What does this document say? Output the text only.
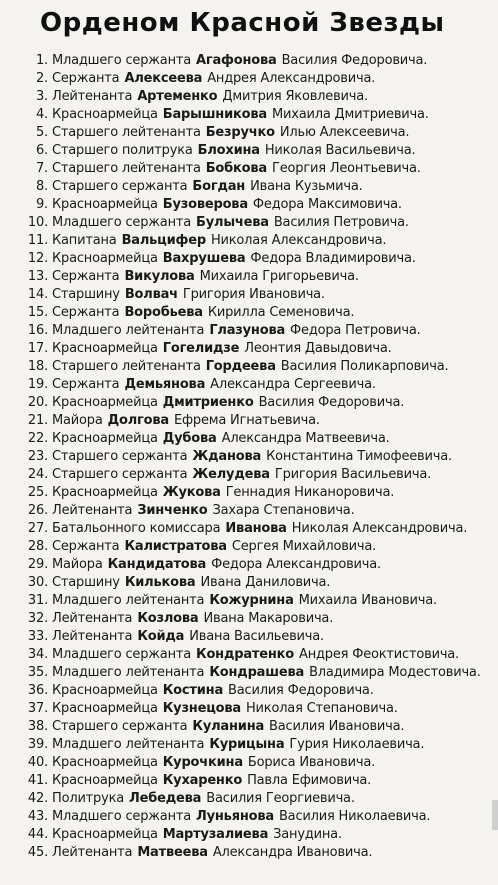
Орденом Красной Звезды
1. Младшего сержанта Агафонова Василия Федоровича.
2. Сержанта Алексеева Андрея Александровича.
3. Лейтенанта Артеменко Дмитрия Яковлевича.
4. Красноармейца Барышникова Михаила Дмитриевича.
5. Старшего лейтенанта Безручко Илью Алексеевича.
6. Старшего политрука Блохина Николая Васильевича.
7. Старшего лейтенанта Бобкова Георгия Леонтьевича.
8. Старшего сержанта Богдан Ивана Кузьмича.
9. Красноармейца Бузоверова Федора Максимовича.
10. Младшего сержанта Булычева Василия Петровича.
11. Капитана Вальцифер Николая Александровича.
12. Красноармейца Вахрушева Федора Владимировича.
13. Сержанта Викулова Михаила Григорьевича.
14. Старшину Волвач Григория Ивановича.
15. Сержанта Воробьева Кирилла Семеновича.
16. Младшего лейтенанта Глазунова Федора Петровича.
17. Красноармейца Гогелидзе Леонтия Давыдовича.
18. Старшего лейтенанта Гордеева Василия Поликарповича.
19. Сержанта Демьянова Александра Сергеевича.
20. Красноармейца Дмитриенко Василия Федоровича.
21. Майора Долгова Ефрема Игнатьевича.
22. Красноармейца Дубова Александра Матвеевича.
23. Старшего сержанта Жданова Константина Тимофеевича.
24. Старшего сержанта Желудева Григория Васильевича.
25. Красноармейца Жукова Геннадия Никаноровича.
26. Лейтенанта Зинченко Захара Степановича.
27. Батальонного комиссара Иванова Николая Александровича.
28. Сержанта Калистратова Сергея Михайловича.
29. Майора Кандидатова Федора Александровича.
30. Старшину Килькова Ивана Даниловича.
31. Младшего лейтенанта Кожурнина Михаила Ивановича.
32. Лейтенанта Козлова Ивана Макаровича.
33. Лейтенанта Койда Ивана Васильевича.
34. Младшего сержанта Кондратенко Андрея Феоктистовича.
35. Младшего лейтенанта Кондрашева Владимира Модестовича.
36. Красноармейца Костина Василия Федоровича.
37. Красноармейца Кузнецова Николая Степановича.
38. Старшего сержанта Куланина Василия Ивановича.
39. Младшего лейтенанта Курицына Гурия Николаевича.
40. Красноармейца Курочкина Бориса Ивановича.
41. Красноармейца Кухаренко Павла Ефимовича.
42. Политрука Лебедева Василия Георгиевича.
43. Младшего сержанта Луньянова Василия Николаевича.
44. Красноармейца Мартузалиева Занудина.
45. Лейтенанта Матвеева Александра Ивановича.
